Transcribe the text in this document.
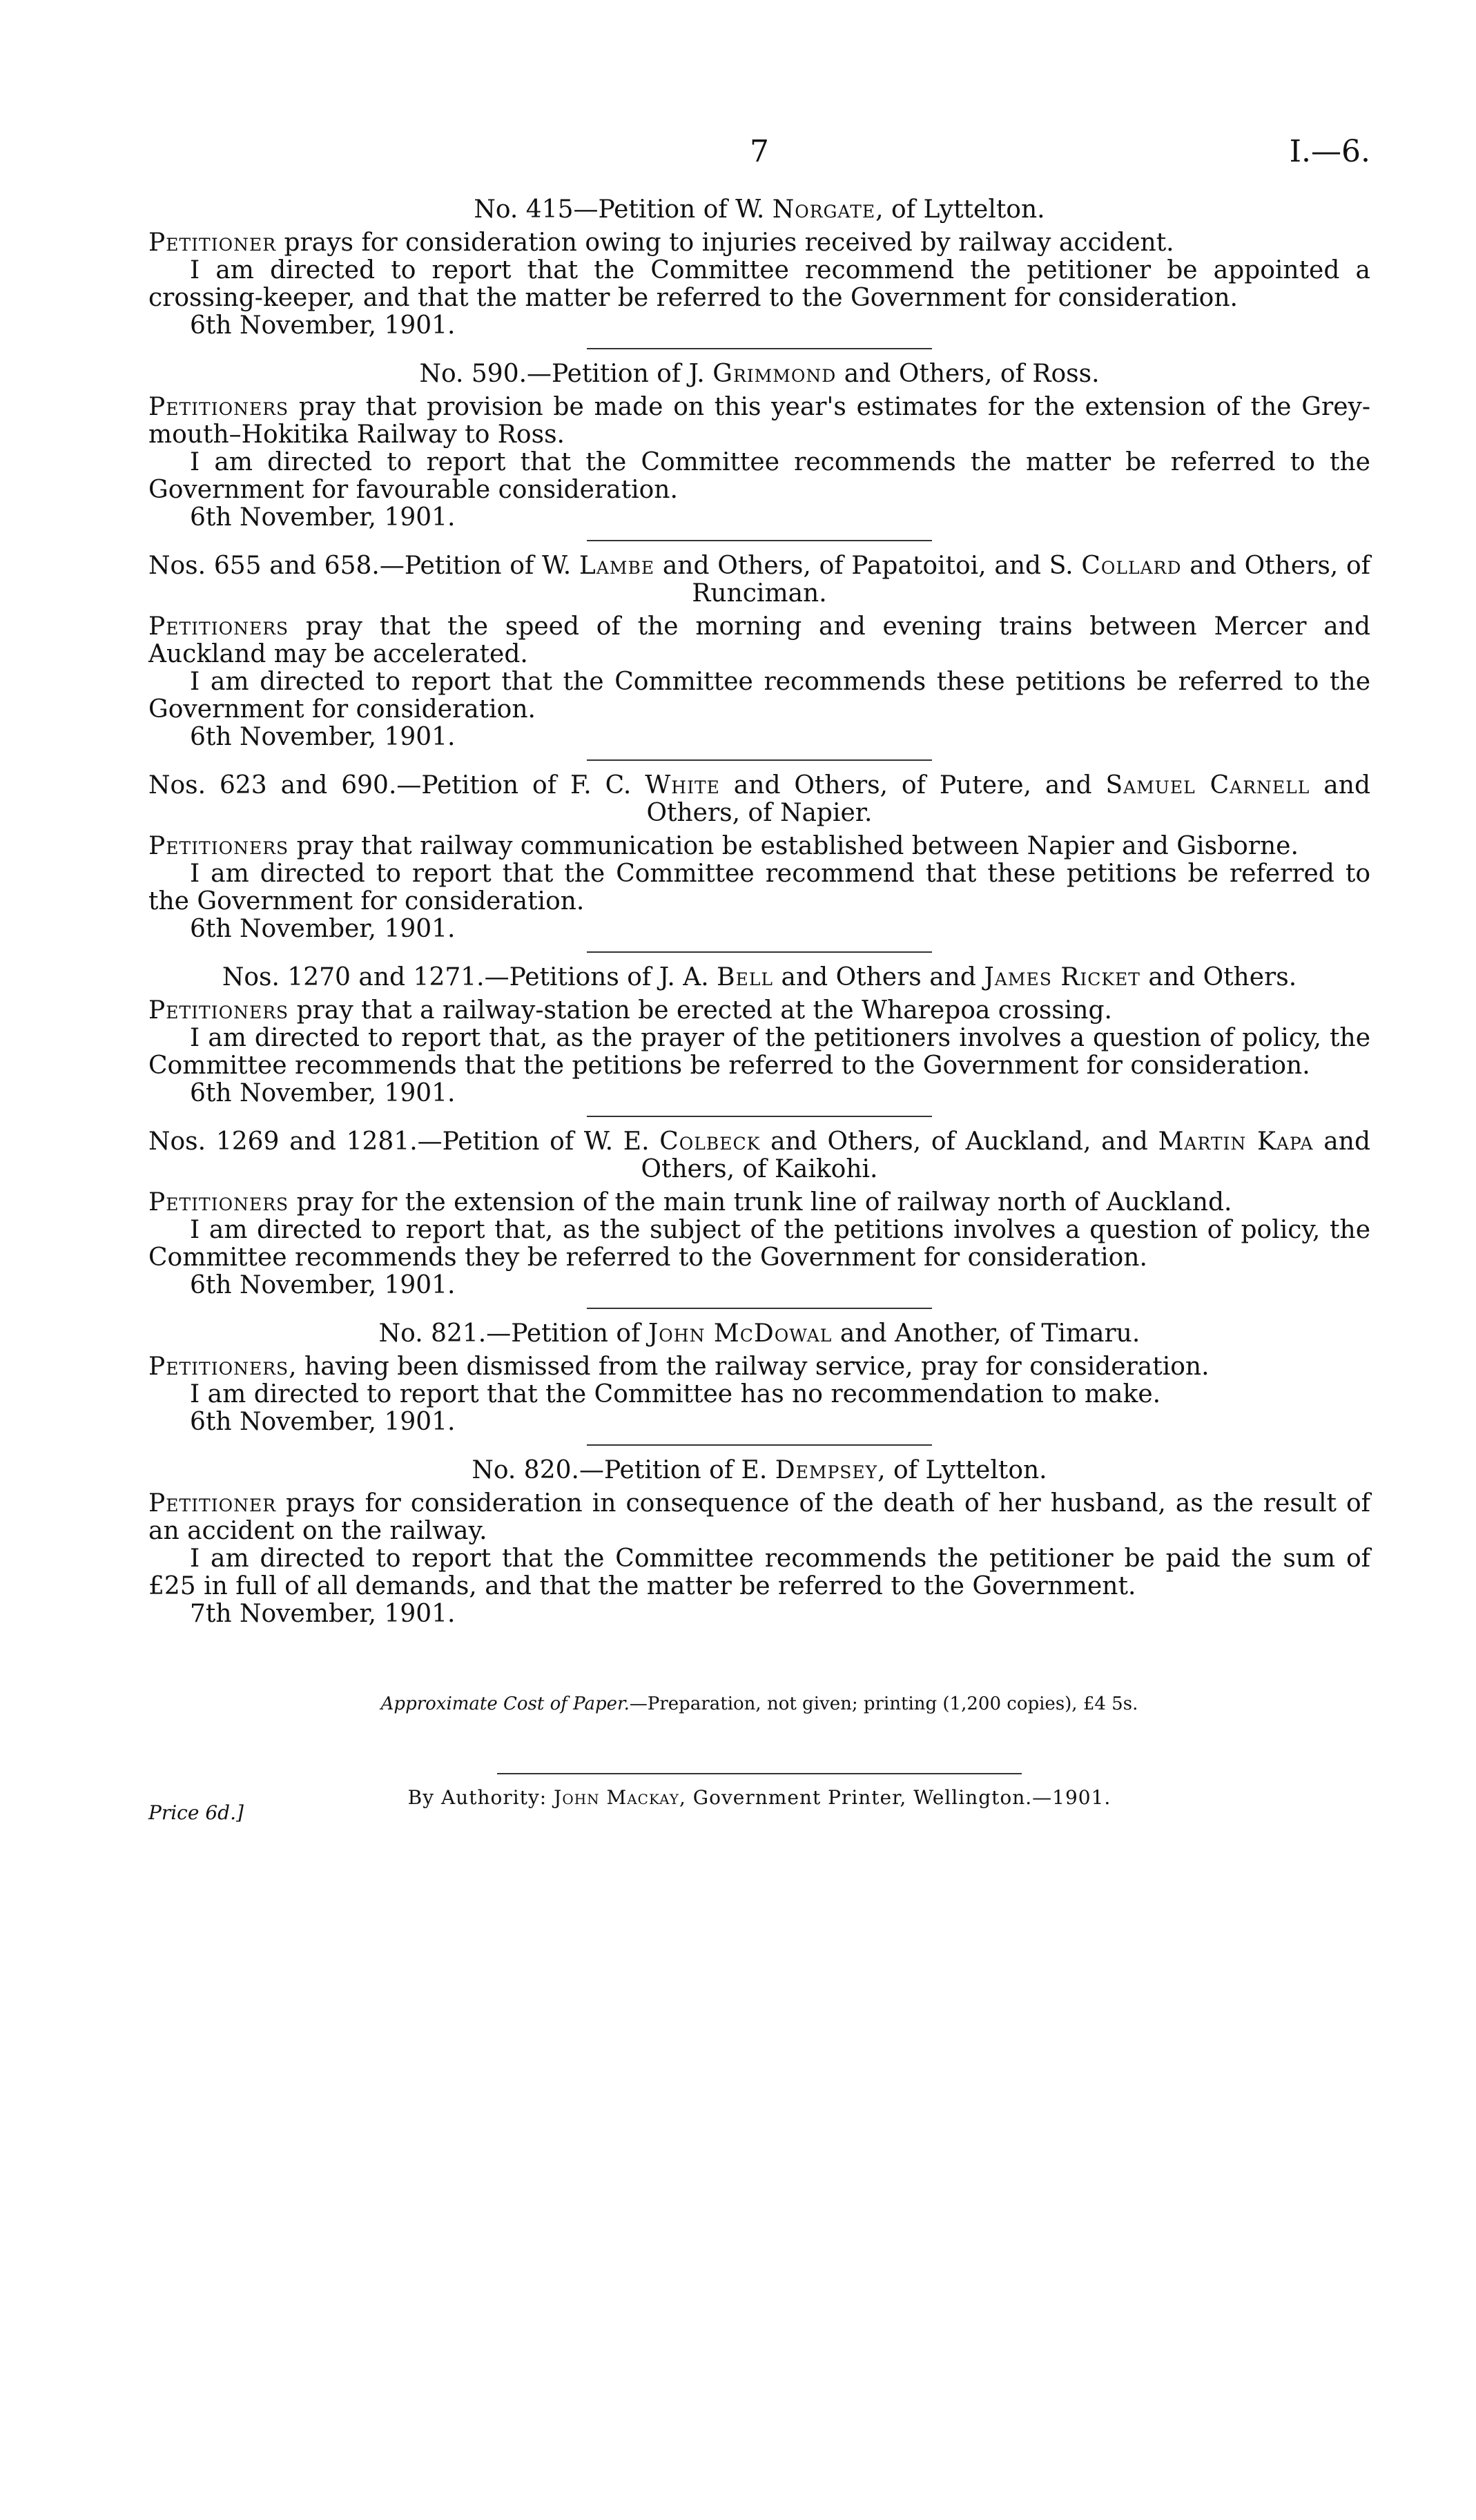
7	I.—6.
No. 415—Petition of W. Norgate, of Lyttelton.

Petitioner prays for consideration owing to injuries received by railway accident.

I am directed to report that the Committee recommend the petitioner be appointed a crossing-keeper, and that the matter be referred to the Government for consideration.

6th November, 1901.
No. 590.—Petition of J. Grimmond and Others, of Ross.

Petitioners pray that provision be made on this year's estimates for the extension of the Grey-mouth–Hokitika Railway to Ross.

I am directed to report that the Committee recommends the matter be referred to the Government for favourable consideration.

6th November, 1901.
Nos. 655 and 658.—Petition of W. Lambe and Others, of Papatoitoi, and S. Collard and Others, of Runciman.

Petitioners pray that the speed of the morning and evening trains between Mercer and Auckland may be accelerated.

I am directed to report that the Committee recommends these petitions be referred to the Government for consideration.

6th November, 1901.
Nos. 623 and 690.—Petition of F. C. White and Others, of Putere, and Samuel Carnell and Others, of Napier.

Petitioners pray that railway communication be established between Napier and Gisborne.

I am directed to report that the Committee recommend that these petitions be referred to the Government for consideration.

6th November, 1901.
Nos. 1270 and 1271.—Petitions of J. A. Bell and Others and James Ricket and Others.

Petitioners pray that a railway-station be erected at the Wharepoa crossing.

I am directed to report that, as the prayer of the petitioners involves a question of policy, the Committee recommends that the petitions be referred to the Government for consideration.

6th November, 1901.
Nos. 1269 and 1281.—Petition of W. E. Colbeck and Others, of Auckland, and Martin Kapa and Others, of Kaikohi.

Petitioners pray for the extension of the main trunk line of railway north of Auckland.

I am directed to report that, as the subject of the petitions involves a question of policy, the Committee recommends they be referred to the Government for consideration.

6th November, 1901.
No. 821.—Petition of John McDowal and Another, of Timaru.

Petitioners, having been dismissed from the railway service, pray for consideration.

I am directed to report that the Committee has no recommendation to make.

6th November, 1901.
No. 820.—Petition of E. Dempsey, of Lyttelton.

Petitioner prays for consideration in consequence of the death of her husband, as the result of an accident on the railway.

I am directed to report that the Committee recommends the petitioner be paid the sum of £25 in full of all demands, and that the matter be referred to the Government.

7th November, 1901.
Approximate Cost of Paper.—Preparation, not given; printing (1,200 copies), £4 5s.
By Authority: John Mackay, Government Printer, Wellington.—1901.
Price 6d.]
